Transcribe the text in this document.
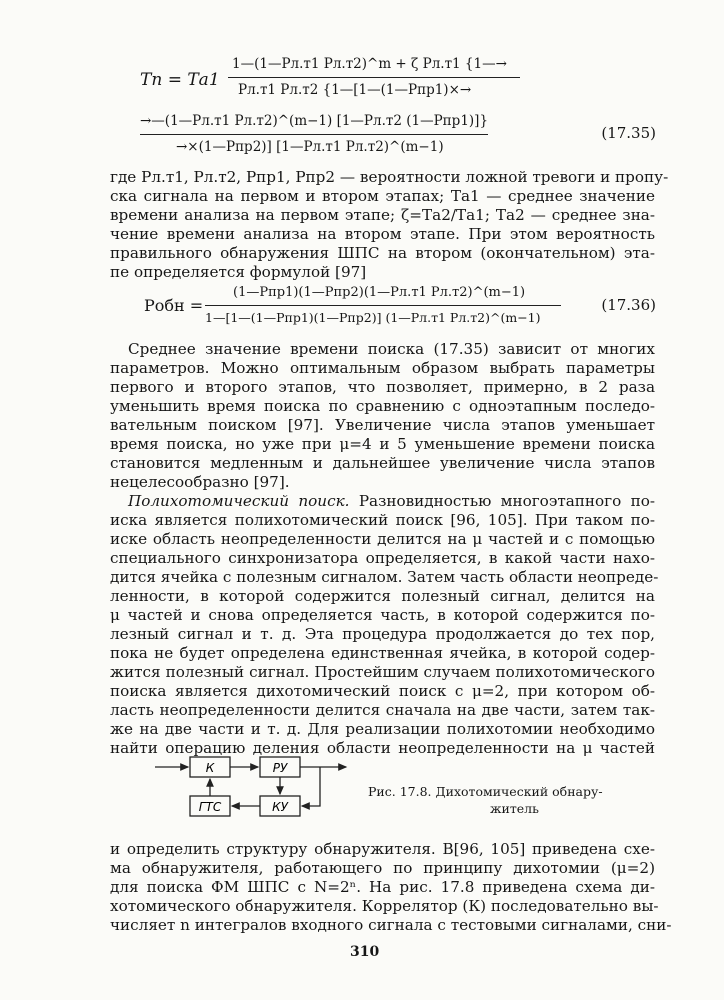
Tп = Tа1
1—(1—Pл.т1 Pл.т2)^m + ζ Pл.т1 {1—→
Pл.т1 Pл.т2 {1—[1—(1—Pпр1)×→
→—(1—Pл.т1 Pл.т2)^(m−1) [1—Pл.т2 (1—Pпр1)]}
→×(1—Pпр2)] [1—Pл.т1 Pл.т2)^(m−1)
(17.35)
где Pл.т1, Pл.т2, Pпр1, Pпр2 — вероятности ложной тревоги и пропу-
ска сигнала на первом и втором этапах; Tа1 — среднее значение
времени анализа на первом этапе; ζ=Tа2/Tа1; Tа2 — среднее зна-
чение времени анализа на втором этапе. При этом вероятность
правильного обнаружения ШПС на втором (окончательном) эта-
пе определяется формулой [97]
Pобн =
(1—Pпр1)(1—Pпр2)(1—Pл.т1 Pл.т2)^(m−1)
1—[1—(1—Pпр1)(1—Pпр2)] (1—Pл.т1 Pл.т2)^(m−1)
(17.36)
Среднее значение времени поиска (17.35) зависит от многих
параметров. Можно оптимальным образом выбрать параметры
первого и второго этапов, что позволяет, примерно, в 2 раза
уменьшить время поиска по сравнению с одноэтапным последо-
вательным поиском [97]. Увеличение числа этапов уменьшает
время поиска, но уже при μ=4 и 5 уменьшение времени поиска
становится медленным и дальнейшее увеличение числа этапов
нецелесообразно [97].
Полихотомический поиск. Разновидностью многоэтапного по-
иска является полихотомический поиск [96, 105]. При таком по-
иске область неопределенности делится на μ частей и с помощью
специального синхронизатора определяется, в какой части нахо-
дится ячейка с полезным сигналом. Затем часть области неопреде-
ленности, в которой содержится полезный сигнал, делится на
μ частей и снова определяется часть, в которой содержится по-
лезный сигнал и т. д. Эта процедура продолжается до тех пор,
пока не будет определена единственная ячейка, в которой содер-
жится полезный сигнал. Простейшим случаем полихотомического
поиска является дихотомический поиск с μ=2, при котором об-
ласть неопределенности делится сначала на две части, затем так-
же на две части и т. д. Для реализации полихотомии необходимо
найти операцию деления области неопределенности на μ частей
К	РУ
КУ
ГТС
Рис. 17.8. Дихотомический обнару-
житель
и определить структуру обнаружителя. В[96, 105] приведена схе-
ма обнаружителя, работающего по принципу дихотомии (μ=2)
для поиска ФМ ШПС с N=2ⁿ. На рис. 17.8 приведена схема ди-
хотомического обнаружителя. Коррелятор (К) последовательно вы-
числяет n интегралов входного сигнала с тестовыми сигналами, сни-
310
